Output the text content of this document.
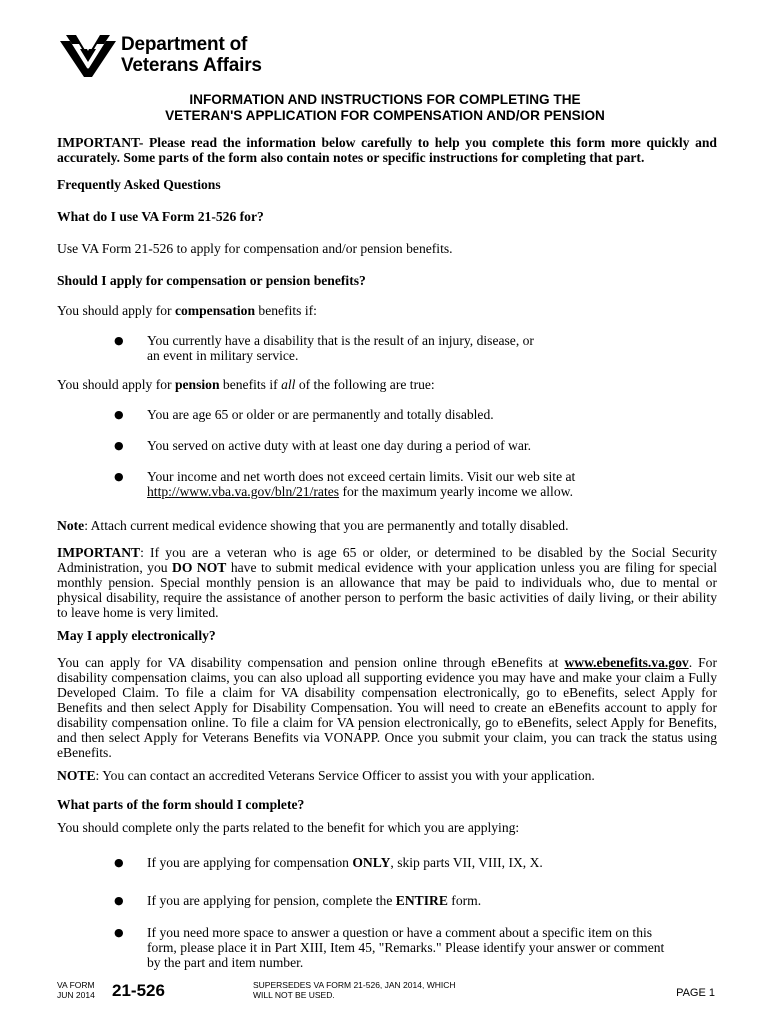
Department of
Veterans Affairs
INFORMATION AND INSTRUCTIONS FOR COMPLETING THE
VETERAN'S APPLICATION FOR COMPENSATION AND/OR PENSION
IMPORTANT- Please read the information below carefully to help you complete this form more quickly and accurately. Some parts of the form also contain notes or specific instructions for completing that part.
Frequently Asked Questions
What do I use VA Form 21-526 for?
Use VA Form 21-526 to apply for compensation and/or pension benefits.
Should I apply for compensation or pension benefits?
You should apply for compensation benefits if:
● You currently have a disability that is the result of an injury, disease, or an event in military service.
You should apply for pension benefits if all of the following are true:
● You are age 65 or older or are permanently and totally disabled.
● You served on active duty with at least one day during a period of war.
● Your income and net worth does not exceed certain limits. Visit our web site at http://www.vba.va.gov/bln/21/rates for the maximum yearly income we allow.
Note: Attach current medical evidence showing that you are permanently and totally disabled.
IMPORTANT: If you are a veteran who is age 65 or older, or determined to be disabled by the Social Security Administration, you DO NOT have to submit medical evidence with your application unless you are filing for special monthly pension. Special monthly pension is an allowance that may be paid to individuals who, due to mental or physical disability, require the assistance of another person to perform the basic activities of daily living, or their ability to leave home is very limited.
May I apply electronically?
You can apply for VA disability compensation and pension online through eBenefits at www.ebenefits.va.gov. For disability compensation claims, you can also upload all supporting evidence you may have and make your claim a Fully Developed Claim. To file a claim for VA disability compensation electronically, go to eBenefits, select Apply for Benefits and then select Apply for Disability Compensation. You will need to create an eBenefits account to apply for disability compensation online. To file a claim for VA pension electronically, go to eBenefits, select Apply for Benefits, and then select Apply for Veterans Benefits via VONAPP. Once you submit your claim, you can track the status using eBenefits.
NOTE: You can contact an accredited Veterans Service Officer to assist you with your application.
What parts of the form should I complete?
You should complete only the parts related to the benefit for which you are applying:
● If you are applying for compensation ONLY, skip parts VII, VIII, IX, X.
● If you are applying for pension, complete the ENTIRE form.
● If you need more space to answer a question or have a comment about a specific item on this form, please place it in Part XIII, Item 45, "Remarks." Please identify your answer or comment by the part and item number.
VA FORM
JUN 2014 21-526	SUPERSEDES VA FORM 21-526, JAN 2014, WHICH
WILL NOT BE USED.	PAGE 1
